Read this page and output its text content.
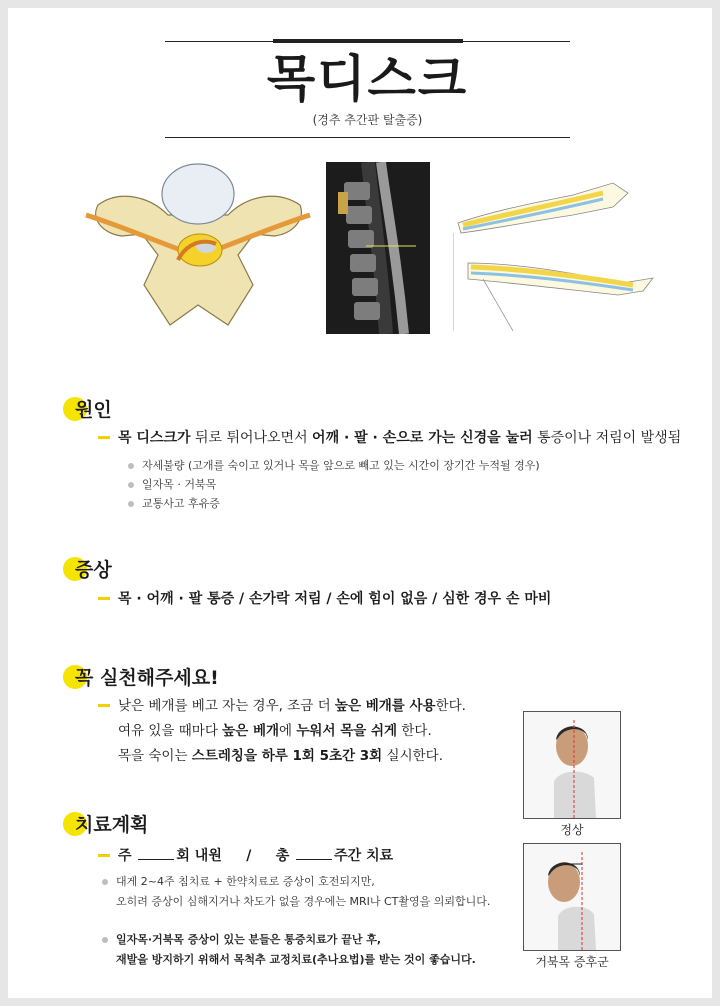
목디스크
(경추 추간판 탈출증)
원인
목 디스크가 뒤로 튀어나오면서 어깨 · 팔 · 손으로 가는 신경을 눌러 통증이나 저림이 발생됨
자세불량 (고개를 숙이고 있거나 목을 앞으로 빼고 있는 시간이 장기간 누적될 경우)
일자목 · 거북목
교통사고 후유증
증상
목 · 어깨 · 팔 통증 / 손가락 저림 / 손에 힘이 없음 / 심한 경우 손 마비
꼭 실천해주세요!
낮은 베개를 베고 자는 경우, 조금 더 높은 베개를 사용한다.
여유 있을 때마다 높은 베개에 누워서 목을 쉬게 한다.
목을 숙이는 스트레칭을 하루 1회 5초간 3회 실시한다.
치료계획
주	회 내원 / 총	주간 치료
대게 2~4주 침치료 + 한약치료로 증상이 호전되지만,
오히려 증상이 심해지거나 차도가 없을 경우에는 MRI나 CT촬영을 의뢰합니다.
일자목·거북목 증상이 있는 분들은 통증치료가 끝난 후,
재발을 방지하기 위해서 목척추 교정치료(추나요법)를 받는 것이 좋습니다.
정상
거북목 증후군
